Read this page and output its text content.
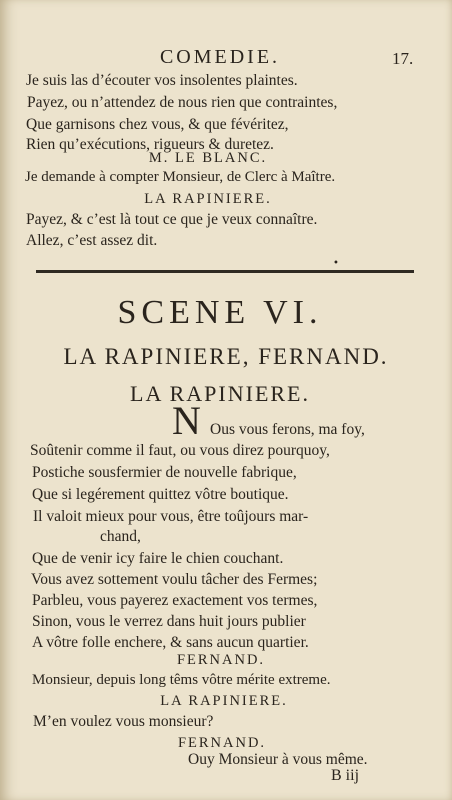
COMEDIE.	17.
Je suis las d’écouter vos insolentes plaintes.
Payez, ou n’attendez de nous rien que contraintes,
Que garnisons chez vous, & que févéritez,
Rien qu’exécutions, rigueurs & duretez.
M. LE BLANC.
Je demande à compter Monsieur, de Clerc à Maître.
LA RAPINIERE.
Payez, & c’est là tout ce que je veux connaître.
Allez, c’est assez dit.
•
SCENE VI.
LA RAPINIERE, FERNAND.
LA RAPINIERE.
N Ous vous ferons, ma foy,
Soûtenir comme il faut, ou vous direz pourquoy,
Postiche sousfermier de nouvelle fabrique,
Que si legérement quittez vôtre boutique.
Il valoit mieux pour vous, être toûjours mar-
chand,
Que de venir icy faire le chien couchant.
Vous avez sottement voulu tâcher des Fermes;
Parbleu, vous payerez exactement vos termes,
Sinon, vous le verrez dans huit jours publier
A vôtre folle enchere, & sans aucun quartier.
FERNAND.
Monsieur, depuis long têms vôtre mérite extreme.
LA RAPINIERE.
M’en voulez vous monsieur?
FERNAND.
Ouy Monsieur à vous même.
B iij
